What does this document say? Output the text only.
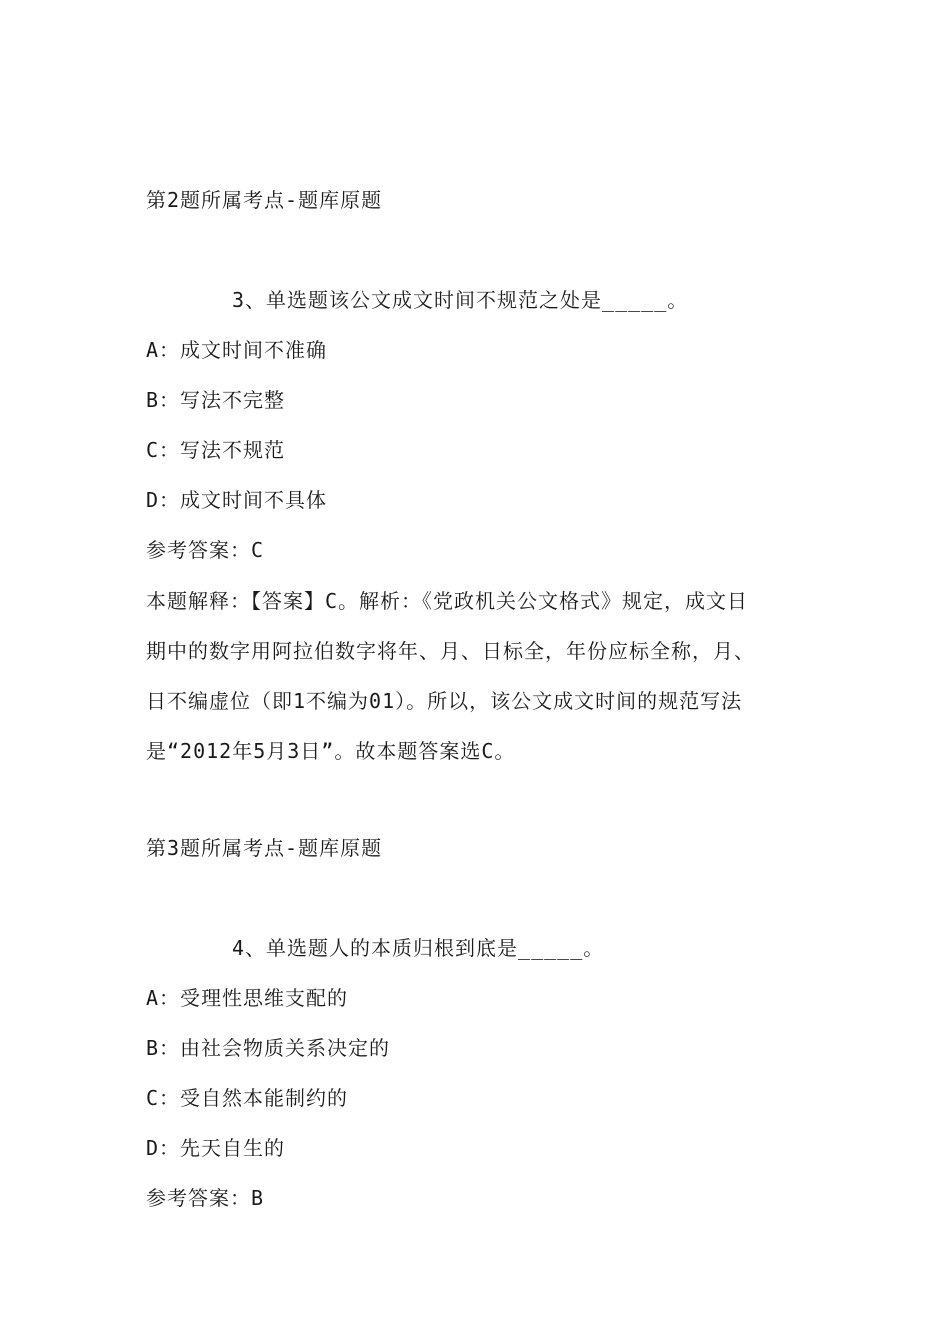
第2题所属考点-题库原题
3、单选题该公文成文时间不规范之处是_____。
A：成文时间不准确
B：写法不完整
C：写法不规范
D：成文时间不具体
参考答案：C
本题解释：【答案】C。解析：《党政机关公文格式》规定，成文日
期中的数字用阿拉伯数字将年、月、日标全，年份应标全称，月、
日不编虚位（即1不编为01）。所以，该公文成文时间的规范写法
是“2012年5月3日”。故本题答案选C。
第3题所属考点-题库原题
4、单选题人的本质归根到底是_____。
A：受理性思维支配的
B：由社会物质关系决定的
C：受自然本能制约的
D：先天自生的
参考答案：B
